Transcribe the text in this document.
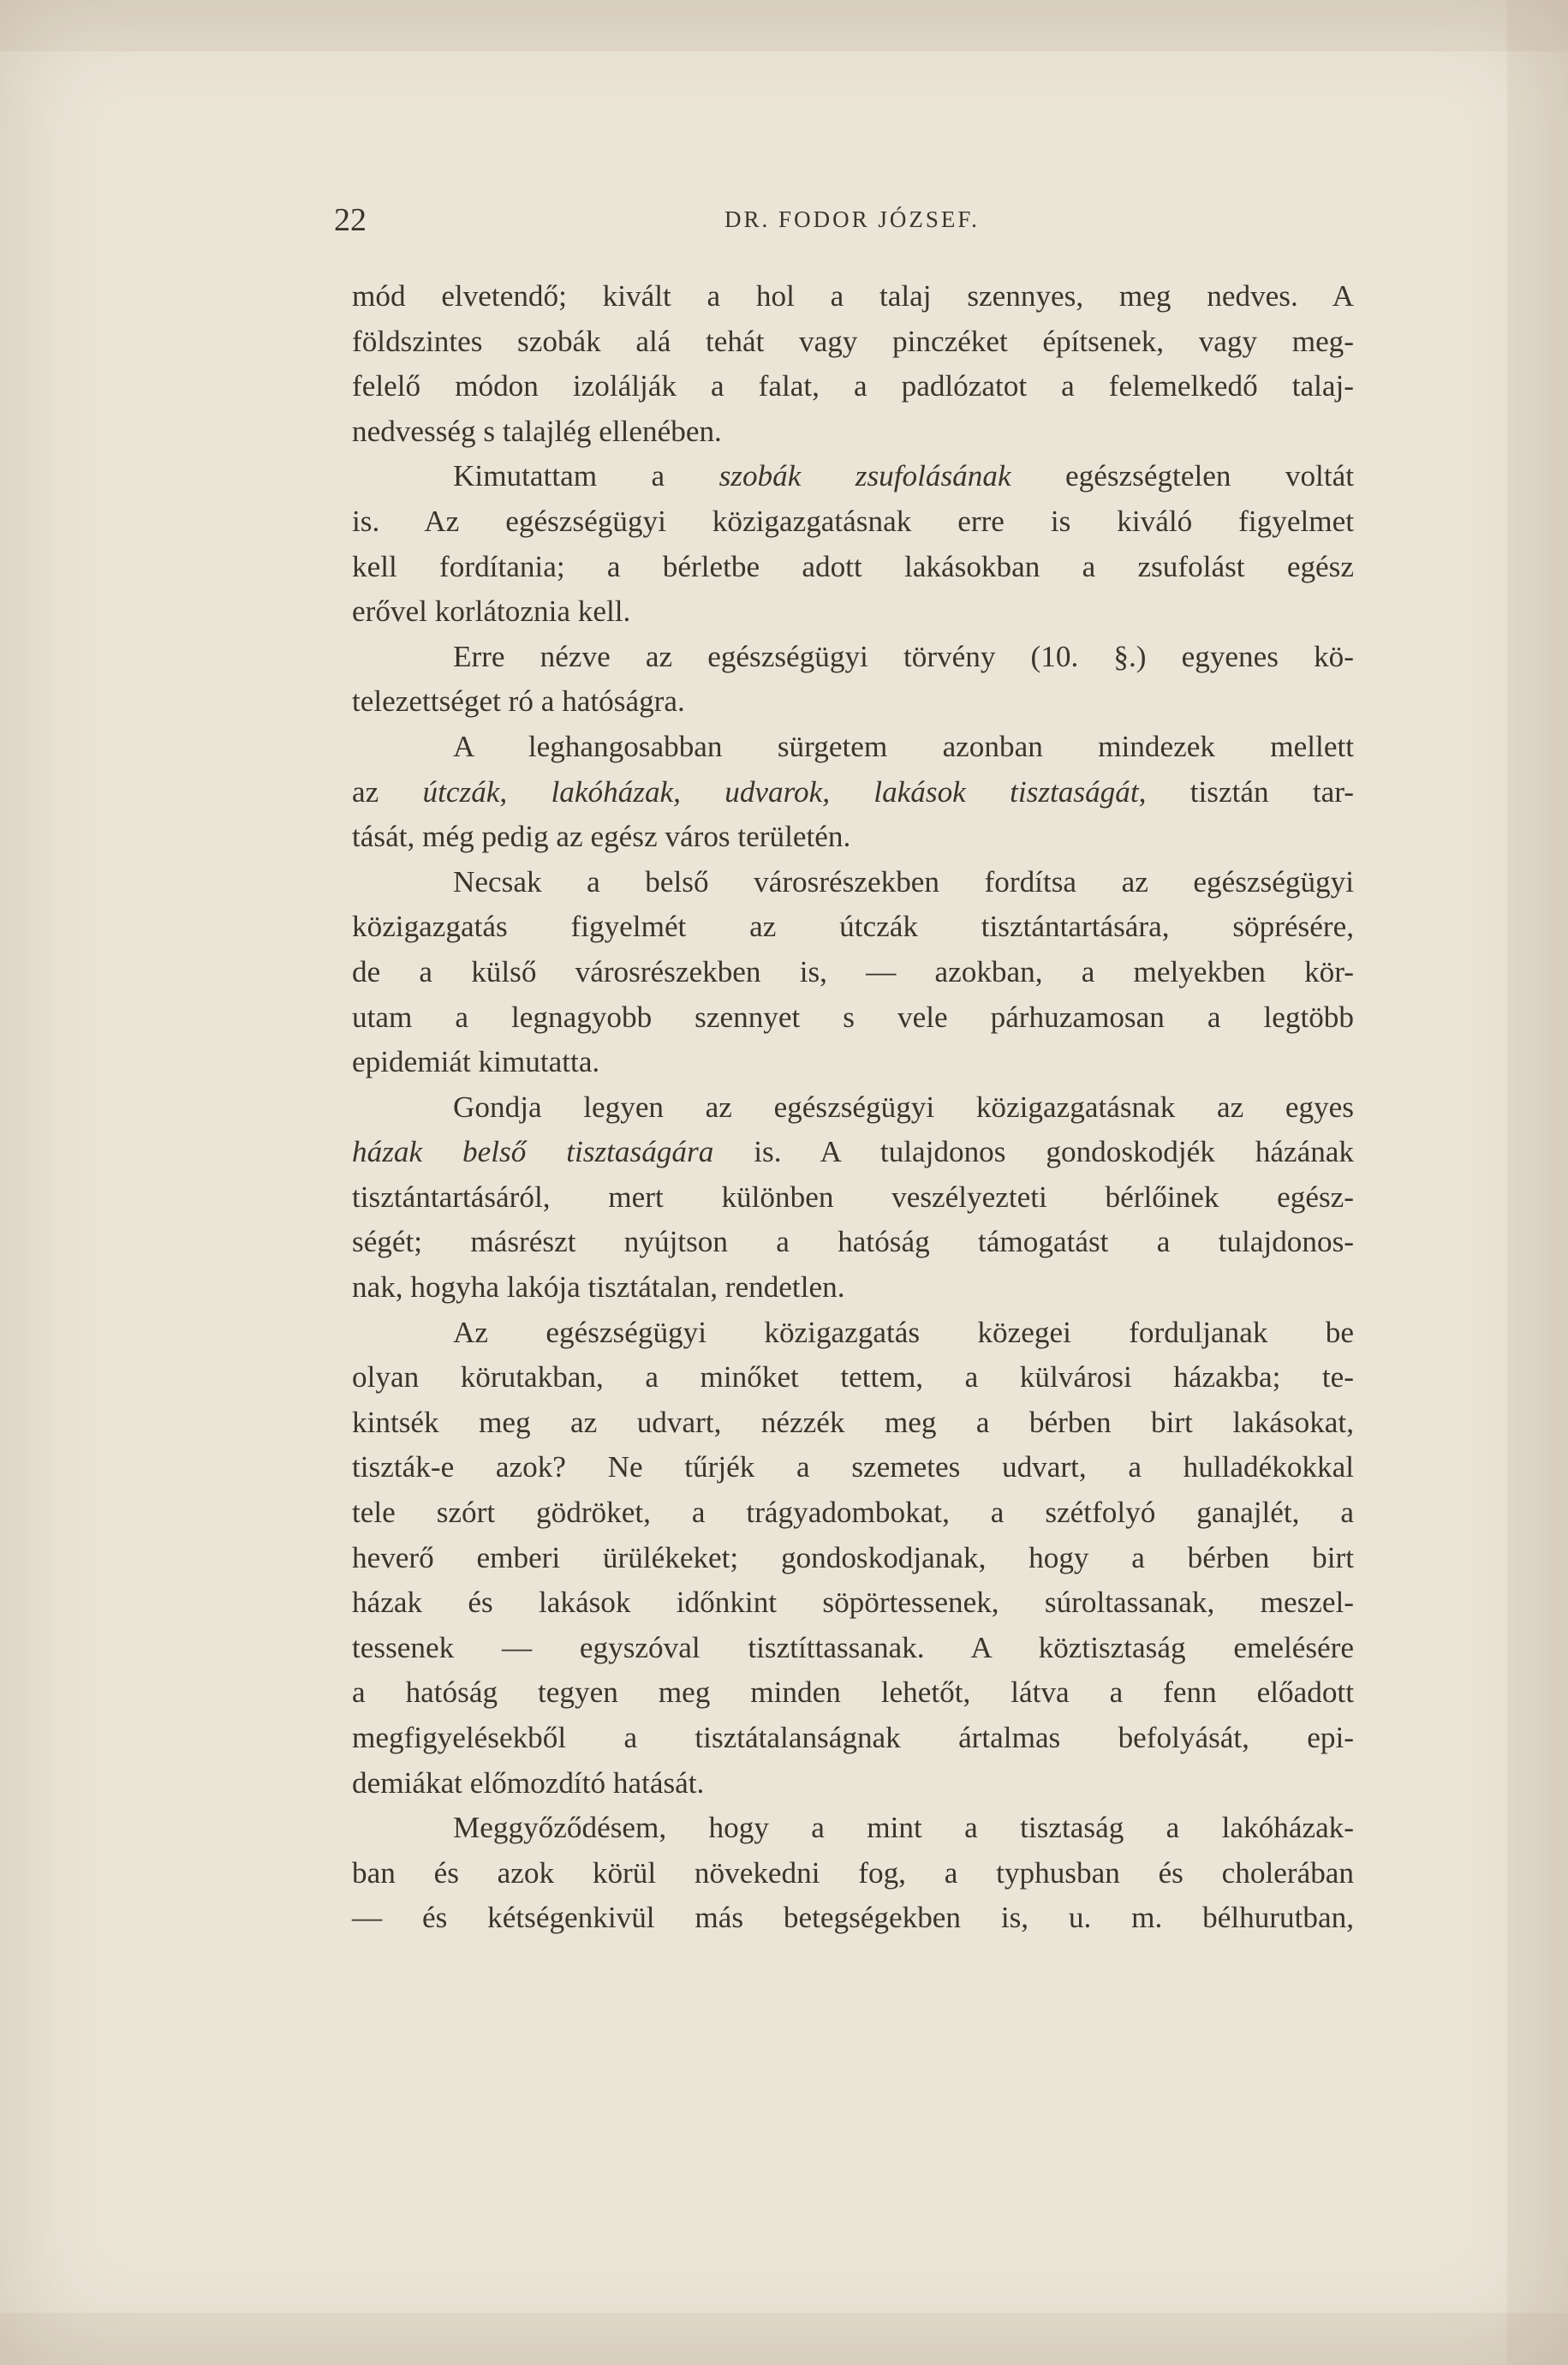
22	DR. FODOR JÓZSEF.
mód elvetendő; kivált a hol a talaj szennyes, meg nedves. A
földszintes szobák alá tehát vagy pinczéket építsenek, vagy meg-
felelő módon izolálják a falat, a padlózatot a felemelkedő talaj-
nedvesség s talajlég ellenében.
Kimutattam a szobák zsufolásának egészségtelen voltát
is. Az egészségügyi közigazgatásnak erre is kiváló figyelmet
kell fordítania; a bérletbe adott lakásokban a zsufolást egész
erővel korlátoznia kell.
Erre nézve az egészségügyi törvény (10. §.) egyenes kö-
telezettséget ró a hatóságra.
A leghangosabban sürgetem azonban mindezek mellett
az útczák, lakóházak, udvarok, lakások tisztaságát, tisztán tar-
tását, még pedig az egész város területén.
Necsak a belső városrészekben fordítsa az egészségügyi
közigazgatás figyelmét az útczák tisztántartására, söprésére,
de a külső városrészekben is, — azokban, a melyekben kör-
utam a legnagyobb szennyet s vele párhuzamosan a legtöbb
epidemiát kimutatta.
Gondja legyen az egészségügyi közigazgatásnak az egyes
házak belső tisztaságára is. A tulajdonos gondoskodjék házának
tisztántartásáról, mert különben veszélyezteti bérlőinek egész-
ségét; másrészt nyújtson a hatóság támogatást a tulajdonos-
nak, hogyha lakója tisztátalan, rendetlen.
Az egészségügyi közigazgatás közegei forduljanak be
olyan körutakban, a minőket tettem, a külvárosi házakba; te-
kintsék meg az udvart, nézzék meg a bérben birt lakásokat,
tiszták-e azok? Ne tűrjék a szemetes udvart, a hulladékokkal
tele szórt gödröket, a trágyadombokat, a szétfolyó ganajlét, a
heverő emberi ürülékeket; gondoskodjanak, hogy a bérben birt
házak és lakások időnkint söpörtessenek, súroltassanak, meszel-
tessenek — egyszóval tisztíttassanak. A köztisztaság emelésére
a hatóság tegyen meg minden lehetőt, látva a fenn előadott
megfigyelésekből a tisztátalanságnak ártalmas befolyását, epi-
demiákat előmozdító hatását.
Meggyőződésem, hogy a mint a tisztaság a lakóházak-
ban és azok körül növekedni fog, a typhusban és cholerában
— és kétségenkivül más betegségekben is, u. m. bélhurutban,
